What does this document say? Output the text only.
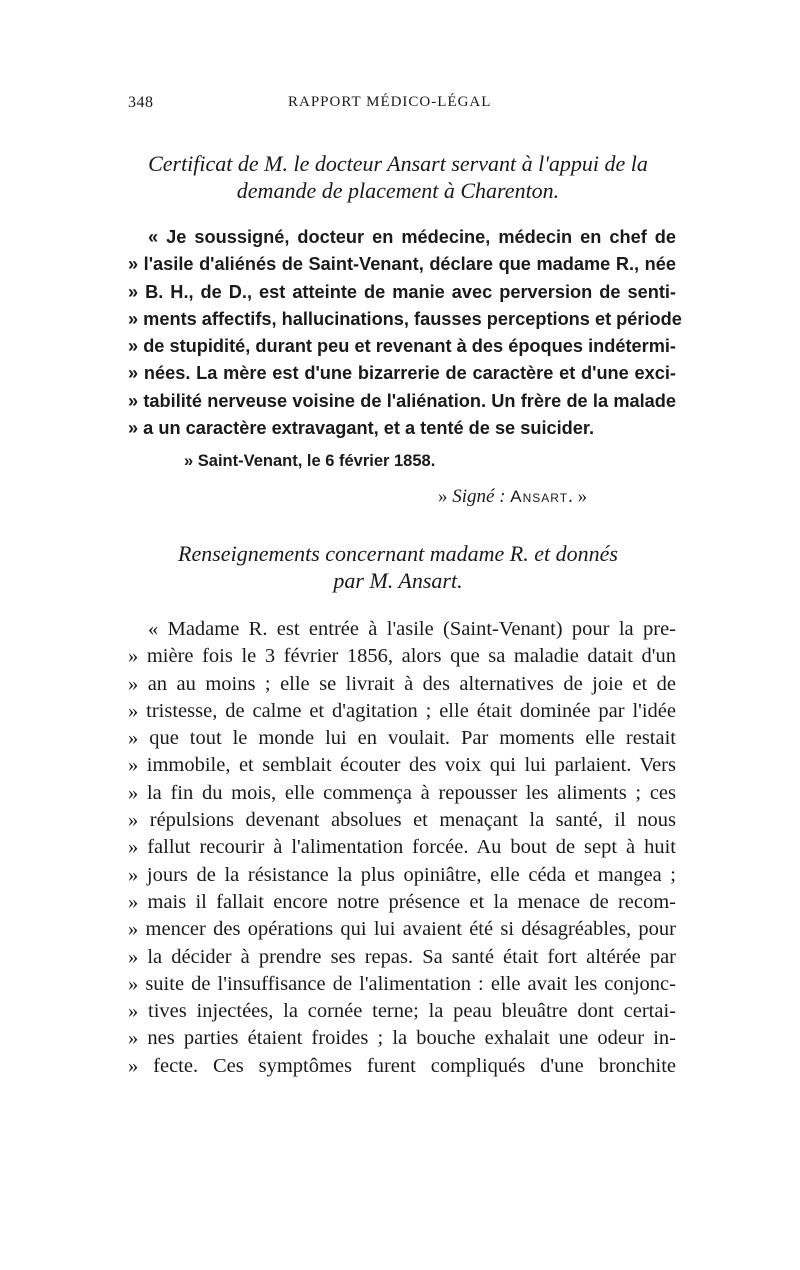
348	RAPPORT MÉDICO-LÉGAL
Certificat de M. le docteur Ansart servant à l'appui de la
demande de placement à Charenton.
« Je soussigné, docteur en médecine, médecin en chef de
» l'asile d'aliénés de Saint-Venant, déclare que madame R., née
» B. H., de D., est atteinte de manie avec perversion de senti-
» ments affectifs, hallucinations, fausses perceptions et période
» de stupidité, durant peu et revenant à des époques indétermi-
» nées. La mère est d'une bizarrerie de caractère et d'une exci-
» tabilité nerveuse voisine de l'aliénation. Un frère de la malade
» a un caractère extravagant, et a tenté de se suicider.
» Saint-Venant, le 6 février 1858.
» Signé : Ansart. »
Renseignements concernant madame R. et donnés
par M. Ansart.
« Madame R. est entrée à l'asile (Saint-Venant) pour la pre-
» mière fois le 3 février 1856, alors que sa maladie datait d'un
» an au moins ; elle se livrait à des alternatives de joie et de
» tristesse, de calme et d'agitation ; elle était dominée par l'idée
» que tout le monde lui en voulait. Par moments elle restait
» immobile, et semblait écouter des voix qui lui parlaient. Vers
» la fin du mois, elle commença à repousser les aliments ; ces
» répulsions devenant absolues et menaçant la santé, il nous
» fallut recourir à l'alimentation forcée. Au bout de sept à huit
» jours de la résistance la plus opiniâtre, elle céda et mangea ;
» mais il fallait encore notre présence et la menace de recom-
» mencer des opérations qui lui avaient été si désagréables, pour
» la décider à prendre ses repas. Sa santé était fort altérée par
» suite de l'insuffisance de l'alimentation : elle avait les conjonc-
» tives injectées, la cornée terne; la peau bleuâtre dont certai-
» nes parties étaient froides ; la bouche exhalait une odeur in-
» fecte. Ces symptômes furent compliqués d'une bronchite
